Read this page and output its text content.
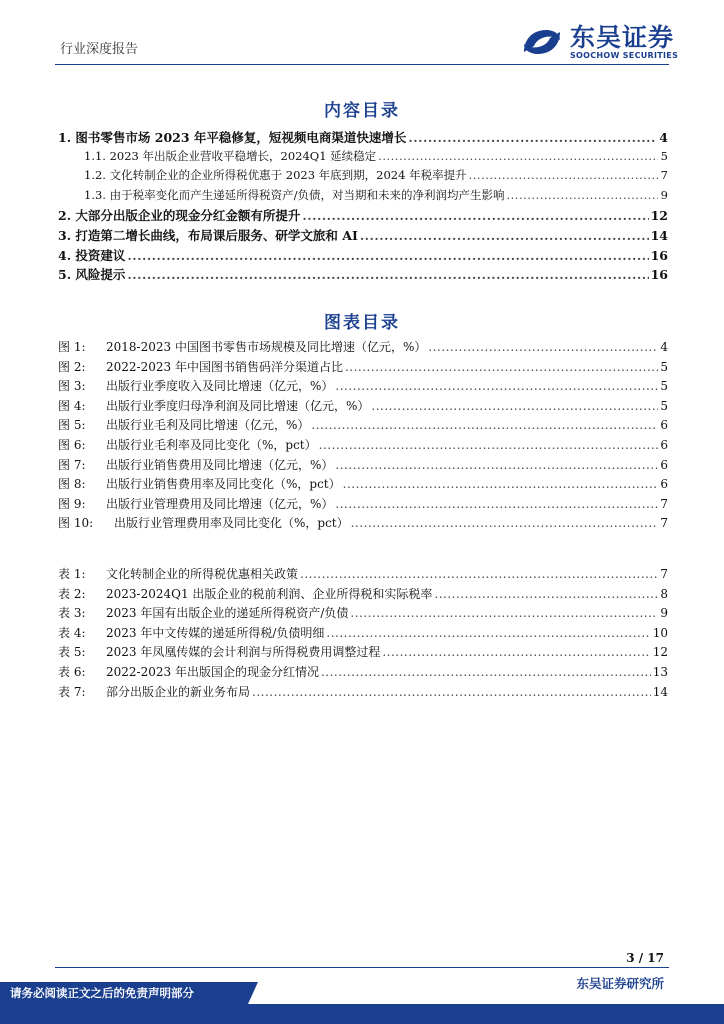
行业深度报告	东吴证券
SOOCHOW SECURITIES
内容目录
1. 图书零售市场 2023 年平稳修复，短视频电商渠道快速增长 .....	4
1.1. 2023 年出版企业营收平稳增长，2024Q1 延续稳定 .....	5
1.2. 文化转制企业的企业所得税优惠于 2023 年底到期，2024 年税率提升 .....	7
1.3. 由于税率变化而产生递延所得税资产/负债，对当期和未来的净利润均产生影响 .....	9
2. 大部分出版企业的现金分红金额有所提升 .....	12
3. 打造第二增长曲线，布局课后服务、研学文旅和 AI .....	14
4. 投资建议 .....	16
5. 风险提示 .....	16
图表目录
图 1:	2018-2023 中国图书零售市场规模及同比增速（亿元，%） .....	4
图 2:	2022-2023 年中国图书销售码洋分渠道占比 .....	5
图 3:	出版行业季度收入及同比增速（亿元，%） .....	5
图 4:	出版行业季度归母净利润及同比增速（亿元，%） .....	5
图 5:	出版行业毛利及同比增速（亿元，%） .....	6
图 6:	出版行业毛利率及同比变化（%，pct） .....	6
图 7:	出版行业销售费用及同比增速（亿元，%） .....	6
图 8:	出版行业销售费用率及同比变化（%，pct） .....	6
图 9:	出版行业管理费用及同比增速（亿元，%） .....	7
图 10:	出版行业管理费用率及同比变化（%，pct） .....	7
表 1:	文化转制企业的所得税优惠相关政策 .....	7
表 2:	2023-2024Q1 出版企业的税前利润、企业所得税和实际税率 .....	8
表 3:	2023 年国有出版企业的递延所得税资产/负债 .....	9
表 4:	2023 年中文传媒的递延所得税/负债明细 .....	10
表 5:	2023 年凤凰传媒的会计利润与所得税费用调整过程 .....	12
表 6:	2022-2023 年出版国企的现金分红情况 .....	13
表 7:	部分出版企业的新业务布局 .....	14
3 / 17
请务必阅读正文之后的免责声明部分
东吴证券研究所
